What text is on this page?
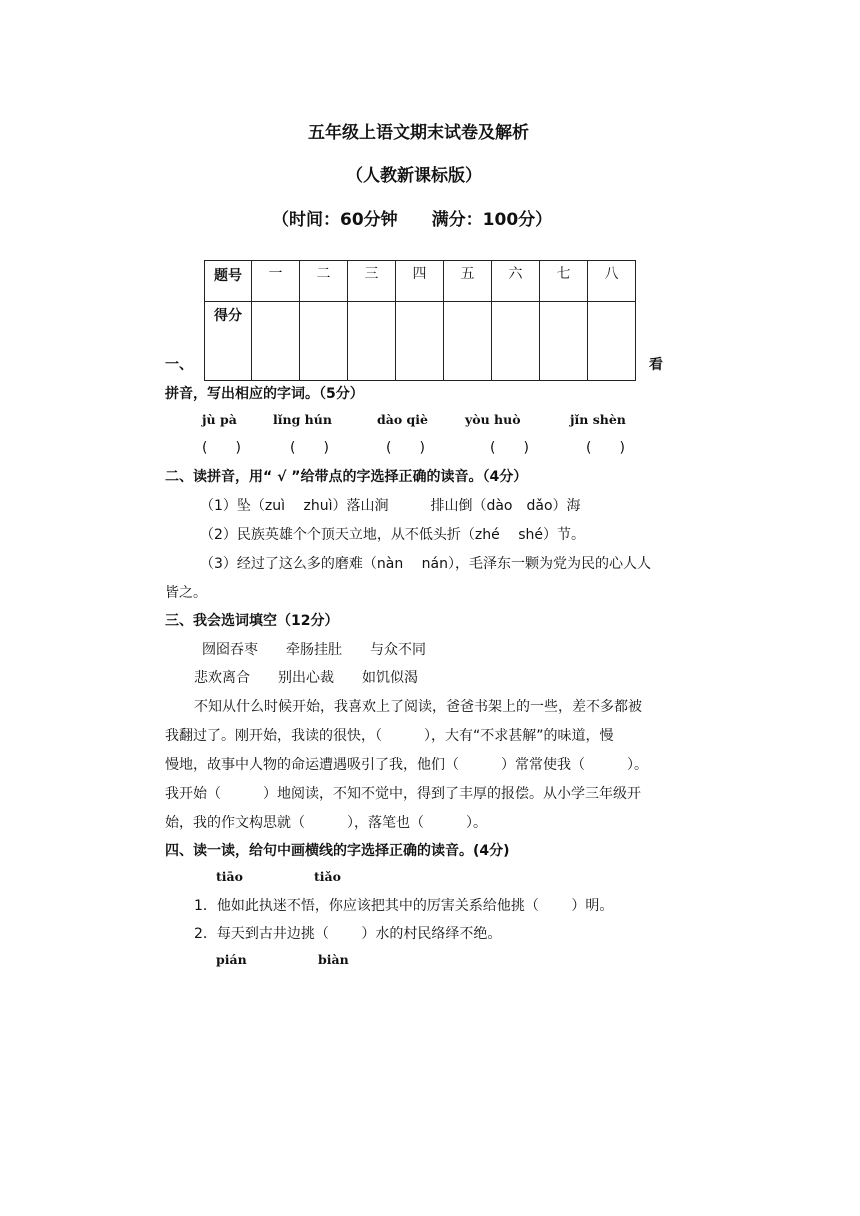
五年级上语文期末试卷及解析
（人教新课标版）
（时间：60分钟　　满分：100分）
题号	一	二	三	四	五	六	七	八
得分								
一、	看
拼音，写出相应的字词。（5分）
jù pà	lǐng hún	dào qiè	yòu huò	jǐn shèn
(　　)	(　　)	(　　)	(　　)	(　　)
二、读拼音，用“ √ ”给带点的字选择正确的读音。（4分）
（1）坠（zuì　 zhuì）落山涧　　　排山倒（dào　dǎo）海
（2）民族英雄个个顶天立地，从不低头折（zhé　 shé）节。
（3）经过了这么多的磨难（nàn　 nán），毛泽东一颗为党为民的心人人
皆之。
三、我会选词填空（12分）
囫囵吞枣　　牵肠挂肚　　与众不同
悲欢离合　　别出心裁　　如饥似渴
不知从什么时候开始，我喜欢上了阅读，爸爸书架上的一些，差不多都被
我翻过了。刚开始，我读的很快，（　　　），大有“不求甚解”的味道，慢
慢地，故事中人物的命运遭遇吸引了我，他们（　　　）常常使我（　　　）。
我开始（　　　）地阅读，不知不觉中，得到了丰厚的报偿。从小学三年级开
始，我的作文构思就（　　　），落笔也（　　　）。
四、读一读，给句中画横线的字选择正确的读音。(4分)
tiāo	tiǎo
1．他如此执迷不悟，你应该把其中的厉害关系给他挑（　　 ）明。
2．每天到古井边挑（　　 ）水的村民络绎不绝。
pián	biàn
